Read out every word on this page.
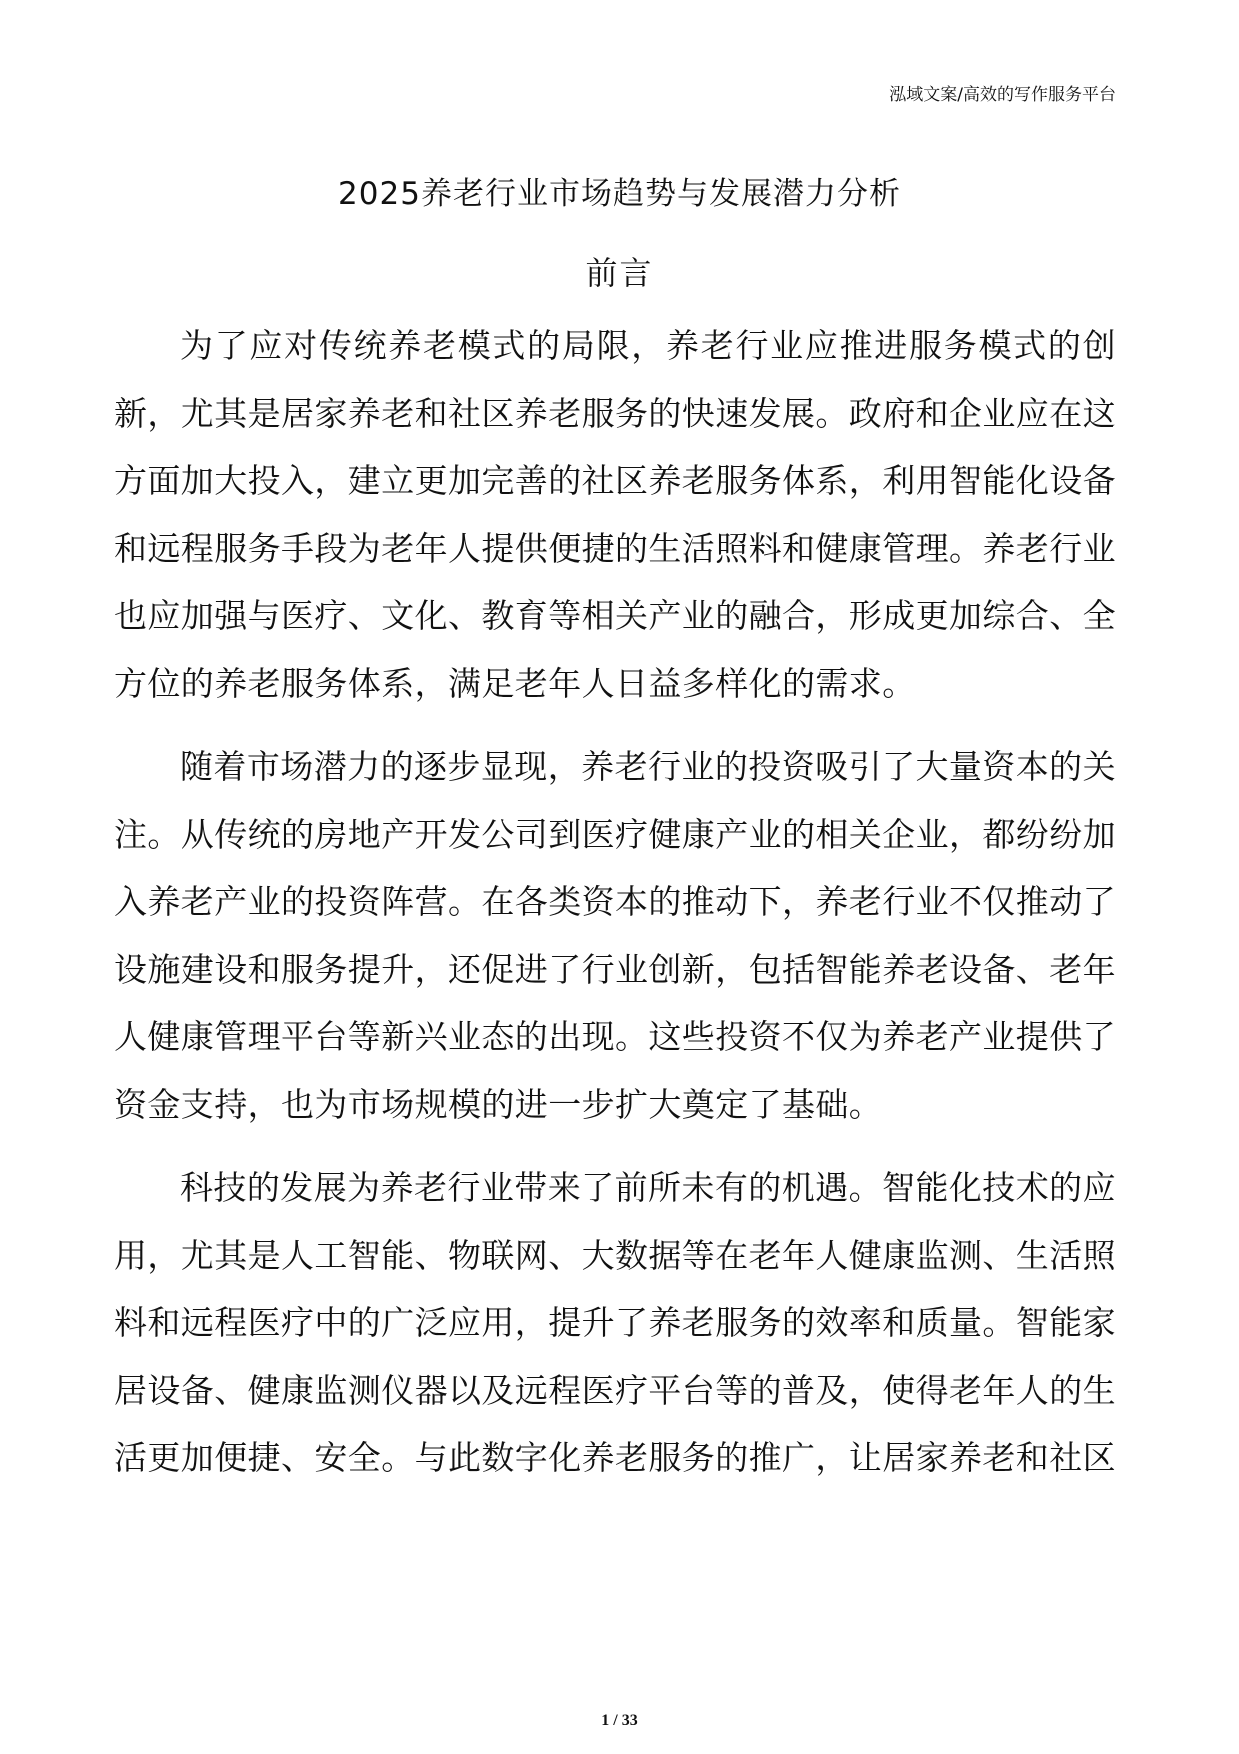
泓域文案/高效的写作服务平台
2025养老行业市场趋势与发展潜力分析
前言

为了应对传统养老模式的局限，养老行业应推进服务模式的创新，尤其是居家养老和社区养老服务的快速发展。政府和企业应在这方面加大投入，建立更加完善的社区养老服务体系，利用智能化设备和远程服务手段为老年人提供便捷的生活照料和健康管理。养老行业也应加强与医疗、文化、教育等相关产业的融合，形成更加综合、全方位的养老服务体系，满足老年人日益多样化的需求。

随着市场潜力的逐步显现，养老行业的投资吸引了大量资本的关注。从传统的房地产开发公司到医疗健康产业的相关企业，都纷纷加入养老产业的投资阵营。在各类资本的推动下，养老行业不仅推动了设施建设和服务提升，还促进了行业创新，包括智能养老设备、老年人健康管理平台等新兴业态的出现。这些投资不仅为养老产业提供了资金支持，也为市场规模的进一步扩大奠定了基础。

科技的发展为养老行业带来了前所未有的机遇。智能化技术的应用，尤其是人工智能、物联网、大数据等在老年人健康监测、生活照料和远程医疗中的广泛应用，提升了养老服务的效率和质量。智能家居设备、健康监测仪器以及远程医疗平台等的普及，使得老年人的生活更加便捷、安全。与此数字化养老服务的推广，让居家养老和社区

1 / 33
